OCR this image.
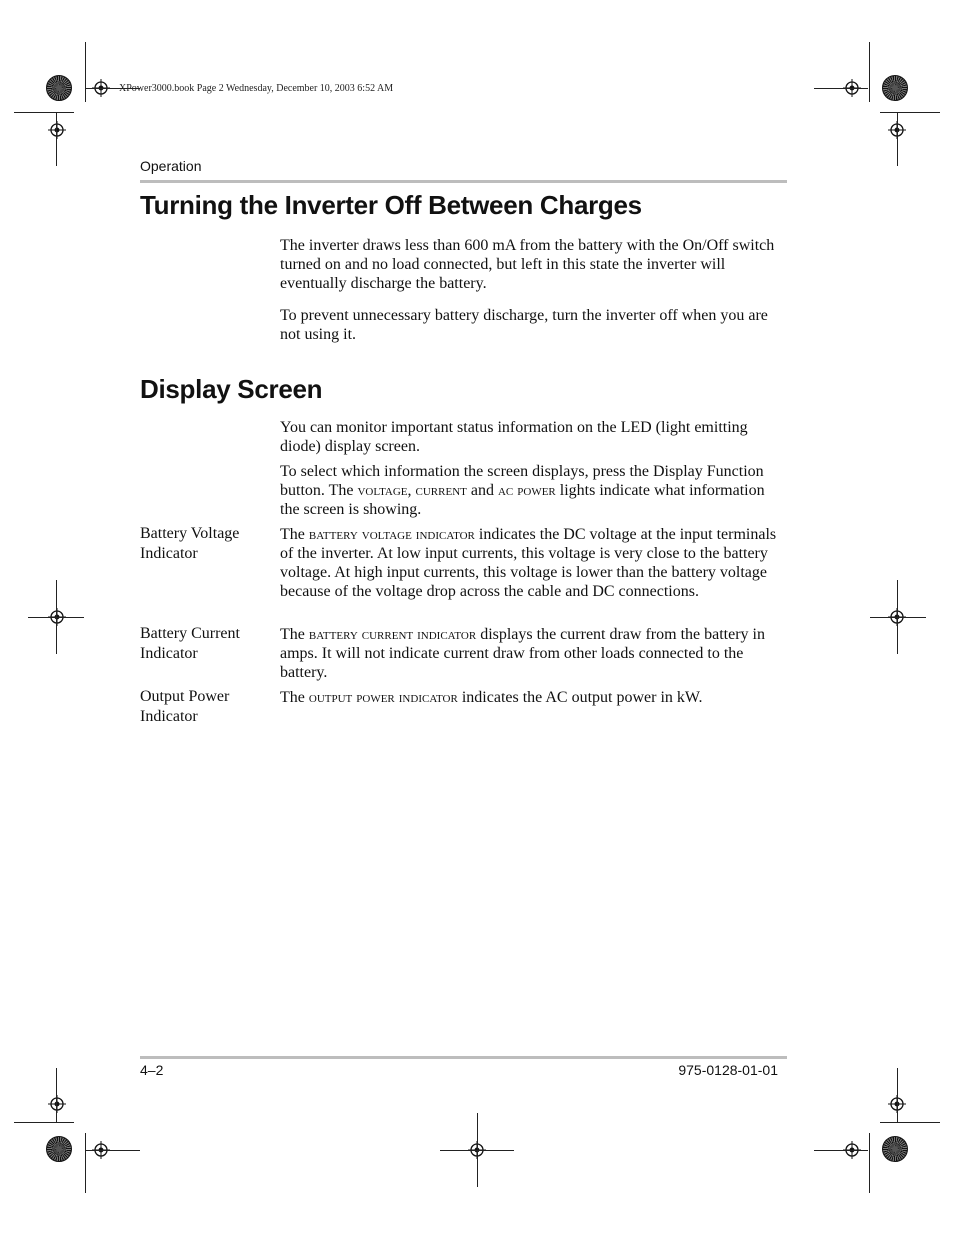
XPower3000.book Page 2 Wednesday, December 10, 2003 6:52 AM
Operation
Turning the Inverter Off Between Charges

The inverter draws less than 600 mA from the battery with the On/Off switch turned on and no load connected, but left in this state the inverter will eventually discharge the battery.

To prevent unnecessary battery discharge, turn the inverter off when you are not using it.

Display Screen

You can monitor important status information on the LED (light emitting diode) display screen.

To select which information the screen displays, press the Display Function button. The voltage, current and ac power lights indicate what information the screen is showing.

Battery Voltage Indicator

The battery voltage indicator indicates the DC voltage at the input terminals of the inverter. At low input currents, this voltage is very close to the battery voltage. At high input currents, this voltage is lower than the battery voltage because of the voltage drop across the cable and DC connections.

Battery Current Indicator

The battery current indicator displays the current draw from the battery in amps. It will not indicate current draw from other loads connected to the battery.

Output Power Indicator

The output power indicator indicates the AC output power in kW.

4–2	975-0128-01-01
